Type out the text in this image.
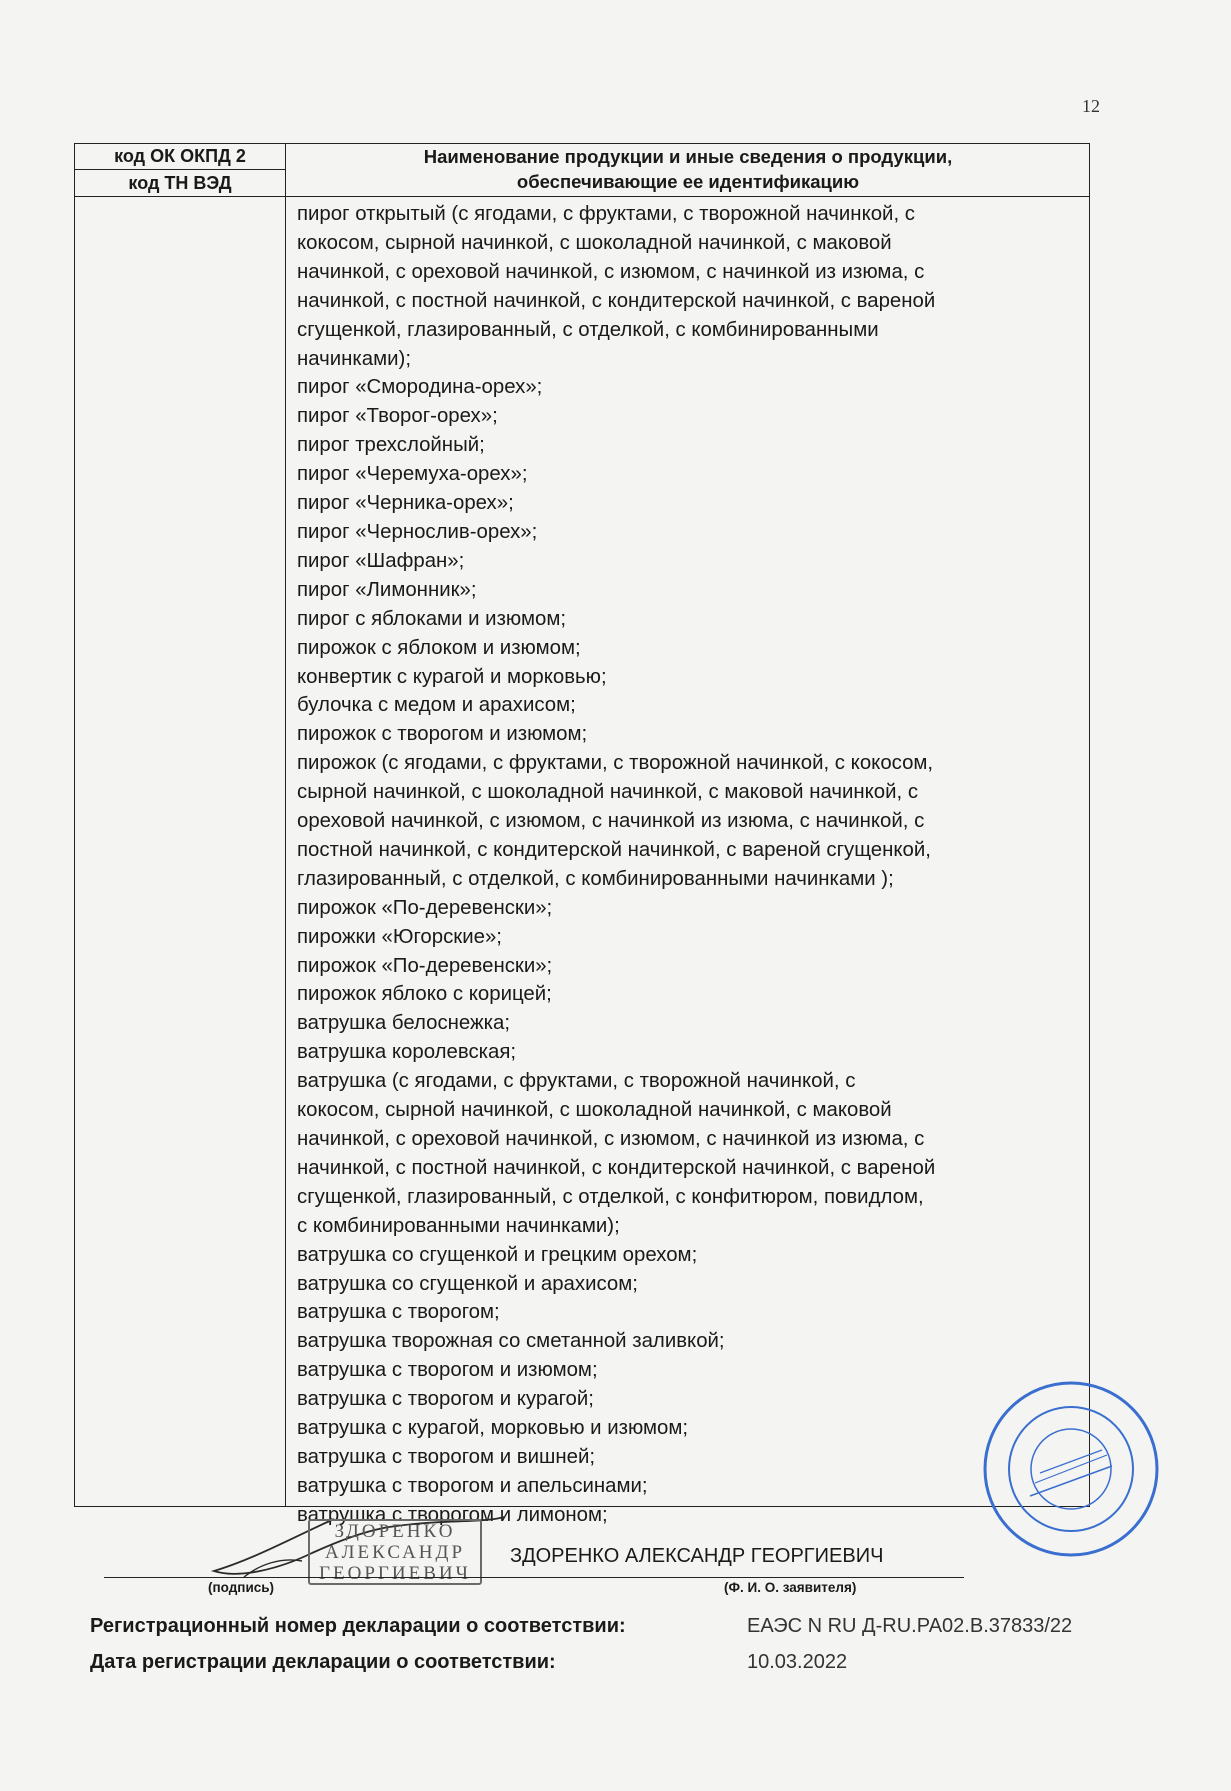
12
код ОК ОКПД 2
код ТН ВЭД
Наименование продукции и иные сведения о продукции,
обеспечивающие ее идентификацию
пирог открытый (с ягодами, с фруктами, с творожной начинкой, с
кокосом, сырной начинкой, с шоколадной начинкой, с маковой
начинкой, с ореховой начинкой, с изюмом, с начинкой из изюма, с
начинкой, с постной начинкой, с кондитерской начинкой, с вареной
сгущенкой, глазированный, с отделкой, с комбинированными
начинками);
пирог «Смородина-орех»;
пирог «Творог-орех»;
пирог трехслойный;
пирог «Черемуха-орех»;
пирог «Черника-орех»;
пирог «Чернослив-орех»;
пирог «Шафран»;
пирог «Лимонник»;
пирог с яблоками и изюмом;
пирожок с яблоком и изюмом;
конвертик с курагой и морковью;
булочка с медом и арахисом;
пирожок с творогом и изюмом;
пирожок (с ягодами, с фруктами, с творожной начинкой, с кокосом,
сырной начинкой, с шоколадной начинкой, с маковой начинкой, с
ореховой начинкой, с изюмом, с начинкой из изюма, с начинкой, с
постной начинкой, с кондитерской начинкой, с вареной сгущенкой,
глазированный, с отделкой, с комбинированными начинками );
пирожок «По-деревенски»;
пирожки «Югорские»;
пирожок «По-деревенски»;
пирожок яблоко с корицей;
ватрушка белоснежка;
ватрушка королевская;
ватрушка (с ягодами, с фруктами, с творожной начинкой, с
кокосом, сырной начинкой, с шоколадной начинкой, с маковой
начинкой, с ореховой начинкой, с изюмом, с начинкой из изюма, с
начинкой, с постной начинкой, с кондитерской начинкой, с вареной
сгущенкой, глазированный, с отделкой, с конфитюром, повидлом,
с комбинированными начинками);
ватрушка со сгущенкой и грецким орехом;
ватрушка со сгущенкой и арахисом;
ватрушка с творогом;
ватрушка творожная со сметанной заливкой;
ватрушка с творогом и изюмом;
ватрушка с творогом и курагой;
ватрушка с курагой, морковью и изюмом;
ватрушка с творогом и вишней;
ватрушка с творогом и апельсинами;
ватрушка с творогом и лимоном;
ЗДОРЕНКО
АЛЕКСАНДР
ГЕОРГИЕВИЧ
ЗДОРЕНКО АЛЕКСАНДР ГЕОРГИЕВИЧ
(подпись)	(Ф. И. О. заявителя)
Регистрационный номер декларации о соответствии:	ЕАЭС N RU Д-RU.РА02.В.37833/22
Дата регистрации декларации о соответствии:	10.03.2022
